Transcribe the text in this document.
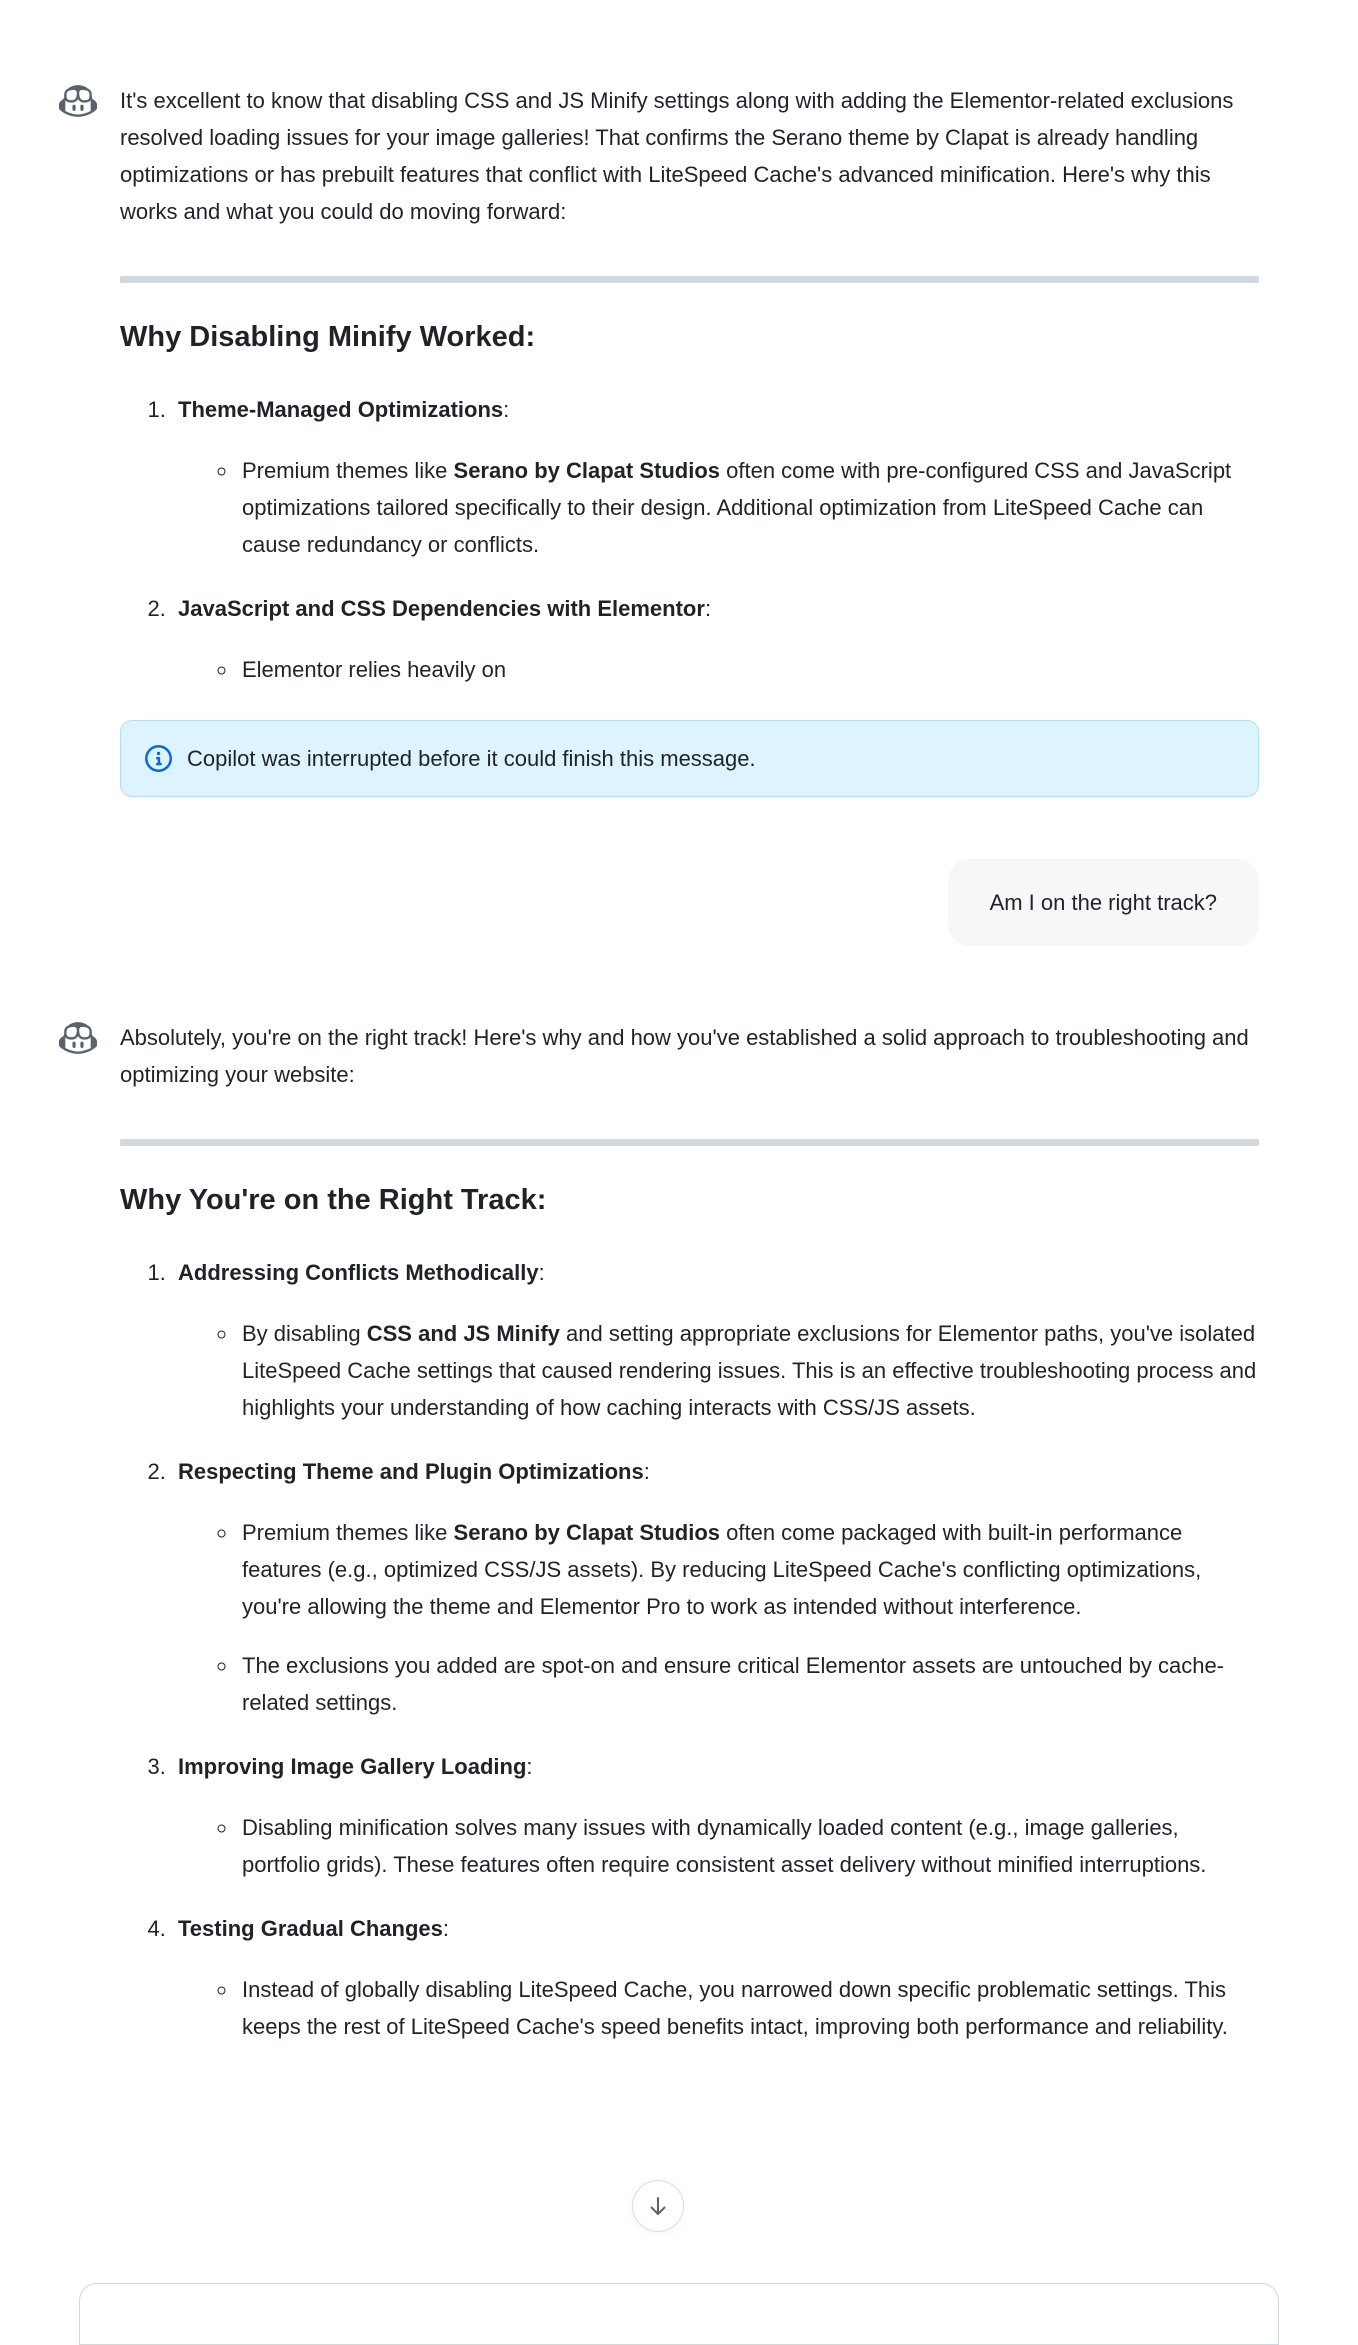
It's excellent to know that disabling CSS and JS Minify settings along with adding the Elementor-related exclusions resolved loading issues for your image galleries! That confirms the Serano theme by Clapat is already handling optimizations or has prebuilt features that conflict with LiteSpeed Cache's advanced minification. Here's why this works and what you could do moving forward:

Why Disabling Minify Worked:
1. Theme-Managed Optimizations:

◦ Premium themes like Serano by Clapat Studios often come with pre-configured CSS and JavaScript optimizations tailored specifically to their design. Additional optimization from LiteSpeed Cache can cause redundancy or conflicts.

2. JavaScript and CSS Dependencies with Elementor:

◦ Elementor relies heavily on

Copilot was interrupted before it could finish this message.
Am I on the right track?

Absolutely, you're on the right track! Here's why and how you've established a solid approach to troubleshooting and optimizing your website:

Why You're on the Right Track:
1. Addressing Conflicts Methodically:

◦ By disabling CSS and JS Minify and setting appropriate exclusions for Elementor paths, you've isolated LiteSpeed Cache settings that caused rendering issues. This is an effective troubleshooting process and highlights your understanding of how caching interacts with CSS/JS assets.

2. Respecting Theme and Plugin Optimizations:

◦ Premium themes like Serano by Clapat Studios often come packaged with built-in performance features (e.g., optimized CSS/JS assets). By reducing LiteSpeed Cache's conflicting optimizations, you're allowing the theme and Elementor Pro to work as intended without interference.

◦ The exclusions you added are spot-on and ensure critical Elementor assets are untouched by cache-related settings.

3. Improving Image Gallery Loading:

◦ Disabling minification solves many issues with dynamically loaded content (e.g., image galleries, portfolio grids). These features often require consistent asset delivery without minified interruptions.

4. Testing Gradual Changes:

◦ Instead of globally disabling LiteSpeed Cache, you narrowed down specific problematic settings. This keeps the rest of LiteSpeed Cache's speed benefits intact, improving both performance and reliability.
